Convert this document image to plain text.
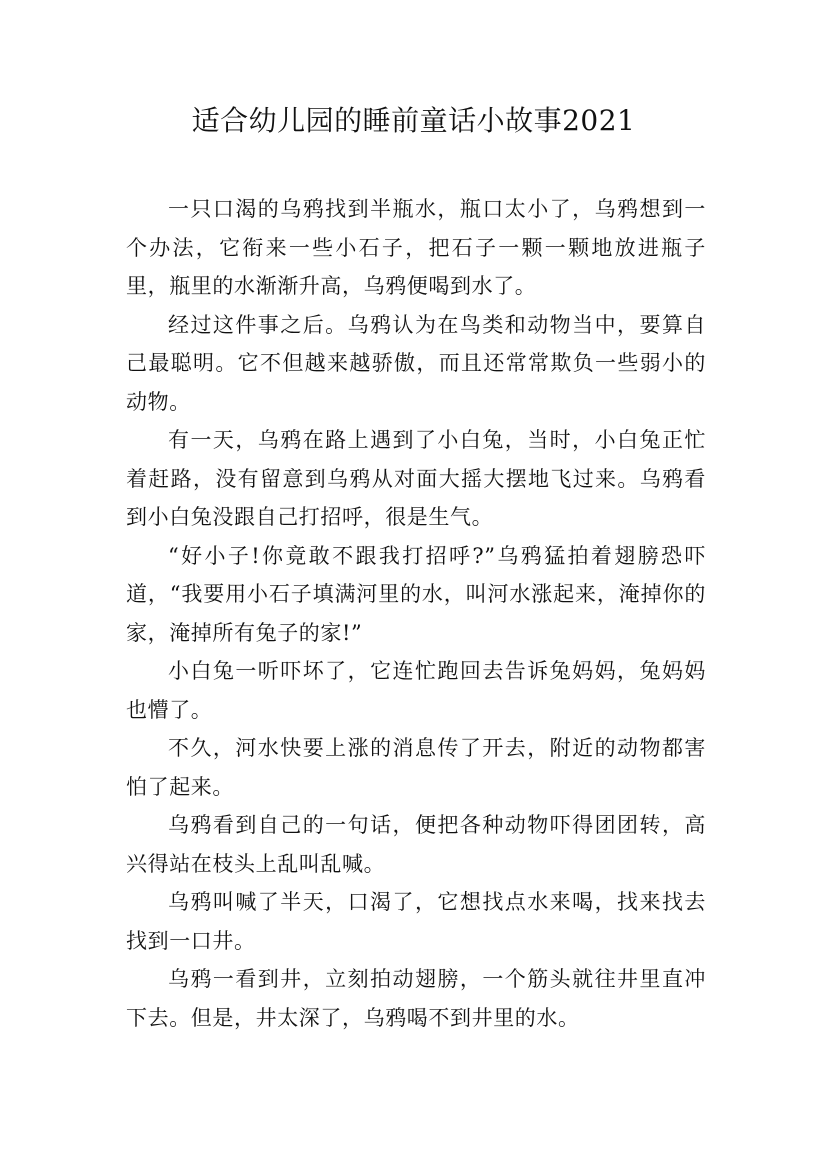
适合幼儿园的睡前童话小故事2021

一只口渴的乌鸦找到半瓶水，瓶口太小了，乌鸦想到一个办法，它衔来一些小石子，把石子一颗一颗地放进瓶子里，瓶里的水渐渐升高，乌鸦便喝到水了。

经过这件事之后。乌鸦认为在鸟类和动物当中，要算自己最聪明。它不但越来越骄傲，而且还常常欺负一些弱小的动物。

有一天，乌鸦在路上遇到了小白兔，当时，小白兔正忙着赶路，没有留意到乌鸦从对面大摇大摆地飞过来。乌鸦看到小白兔没跟自己打招呼，很是生气。

“好小子!你竟敢不跟我打招呼?”乌鸦猛拍着翅膀恐吓道，“我要用小石子填满河里的水，叫河水涨起来，淹掉你的家，淹掉所有兔子的家!”

小白兔一听吓坏了，它连忙跑回去告诉兔妈妈，兔妈妈也懵了。

不久，河水快要上涨的消息传了开去，附近的动物都害怕了起来。

乌鸦看到自己的一句话，便把各种动物吓得团团转，高兴得站在枝头上乱叫乱喊。

乌鸦叫喊了半天，口渴了，它想找点水来喝，找来找去找到一口井。

乌鸦一看到井，立刻拍动翅膀，一个筋头就往井里直冲下去。但是，井太深了，乌鸦喝不到井里的水。
